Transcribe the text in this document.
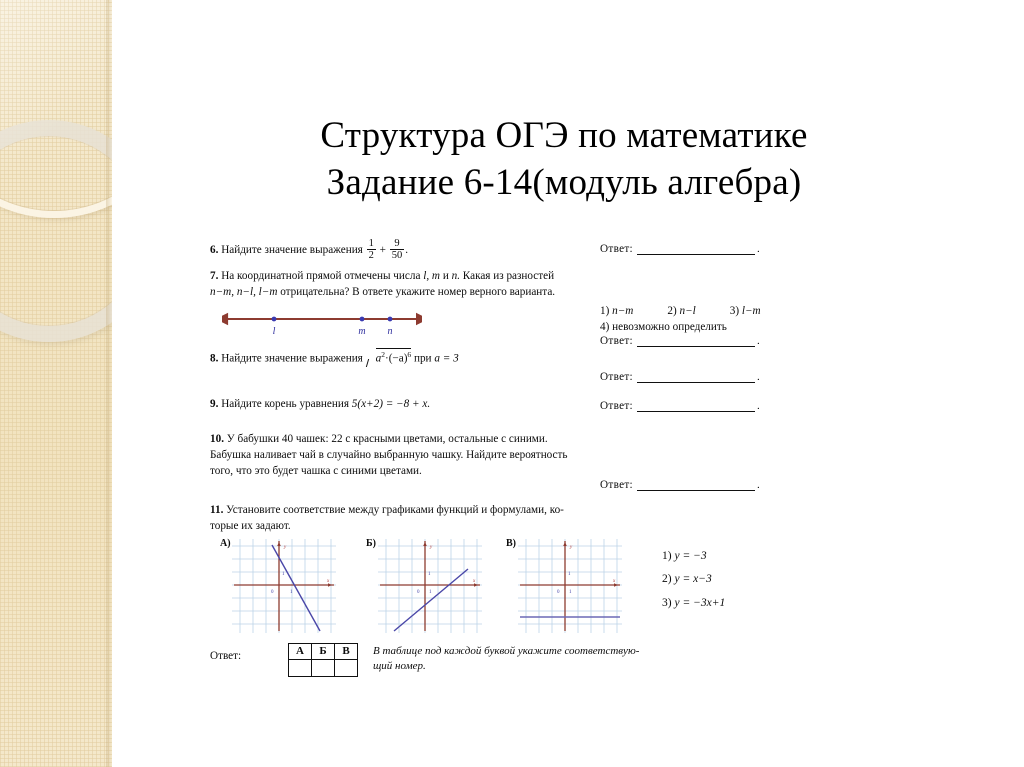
Структура ОГЭ по математике
Задание 6-14(модуль алгебра)
6. Найдите значение выражения $\frac{1}{2} + \frac{9}{50}$ .	Ответ:	.
7. На координатной прямой отмечены числа l, m и n. Какая из разностей
n−m, n−l, l−m отрицательна? В ответе укажите номер верного варианта.
l	m n
1) n−m	2) n−l	3) l−m
4) невозможно определить
Ответ:	.
8. Найдите значение выражения $a^2\cdot(-a)^6$ при a = 3
Ответ:	.
9. Найдите корень уравнения 5(x+2) = −8 + x.	Ответ:	.
10. У бабушки 40 чашек: 22 с красными цветами, остальные с синими.
Бабушка наливает чай в случайно выбранную чашку. Найдите вероятность
того, что это будет чашка с синими цветами.
Ответ:	.
11. Установите соответствие между графиками функций и формулами, ко-
торые их задают.
А)	y
x
0	1
1
Б)	y
x
0 1
1
В)	y
x
0 1
1
1) y = −3
2) y = x−3
3) y = −3x+1
Ответ:	А	Б	В
		В таблице под каждой буквой укажите соответствую-
щий номер.
